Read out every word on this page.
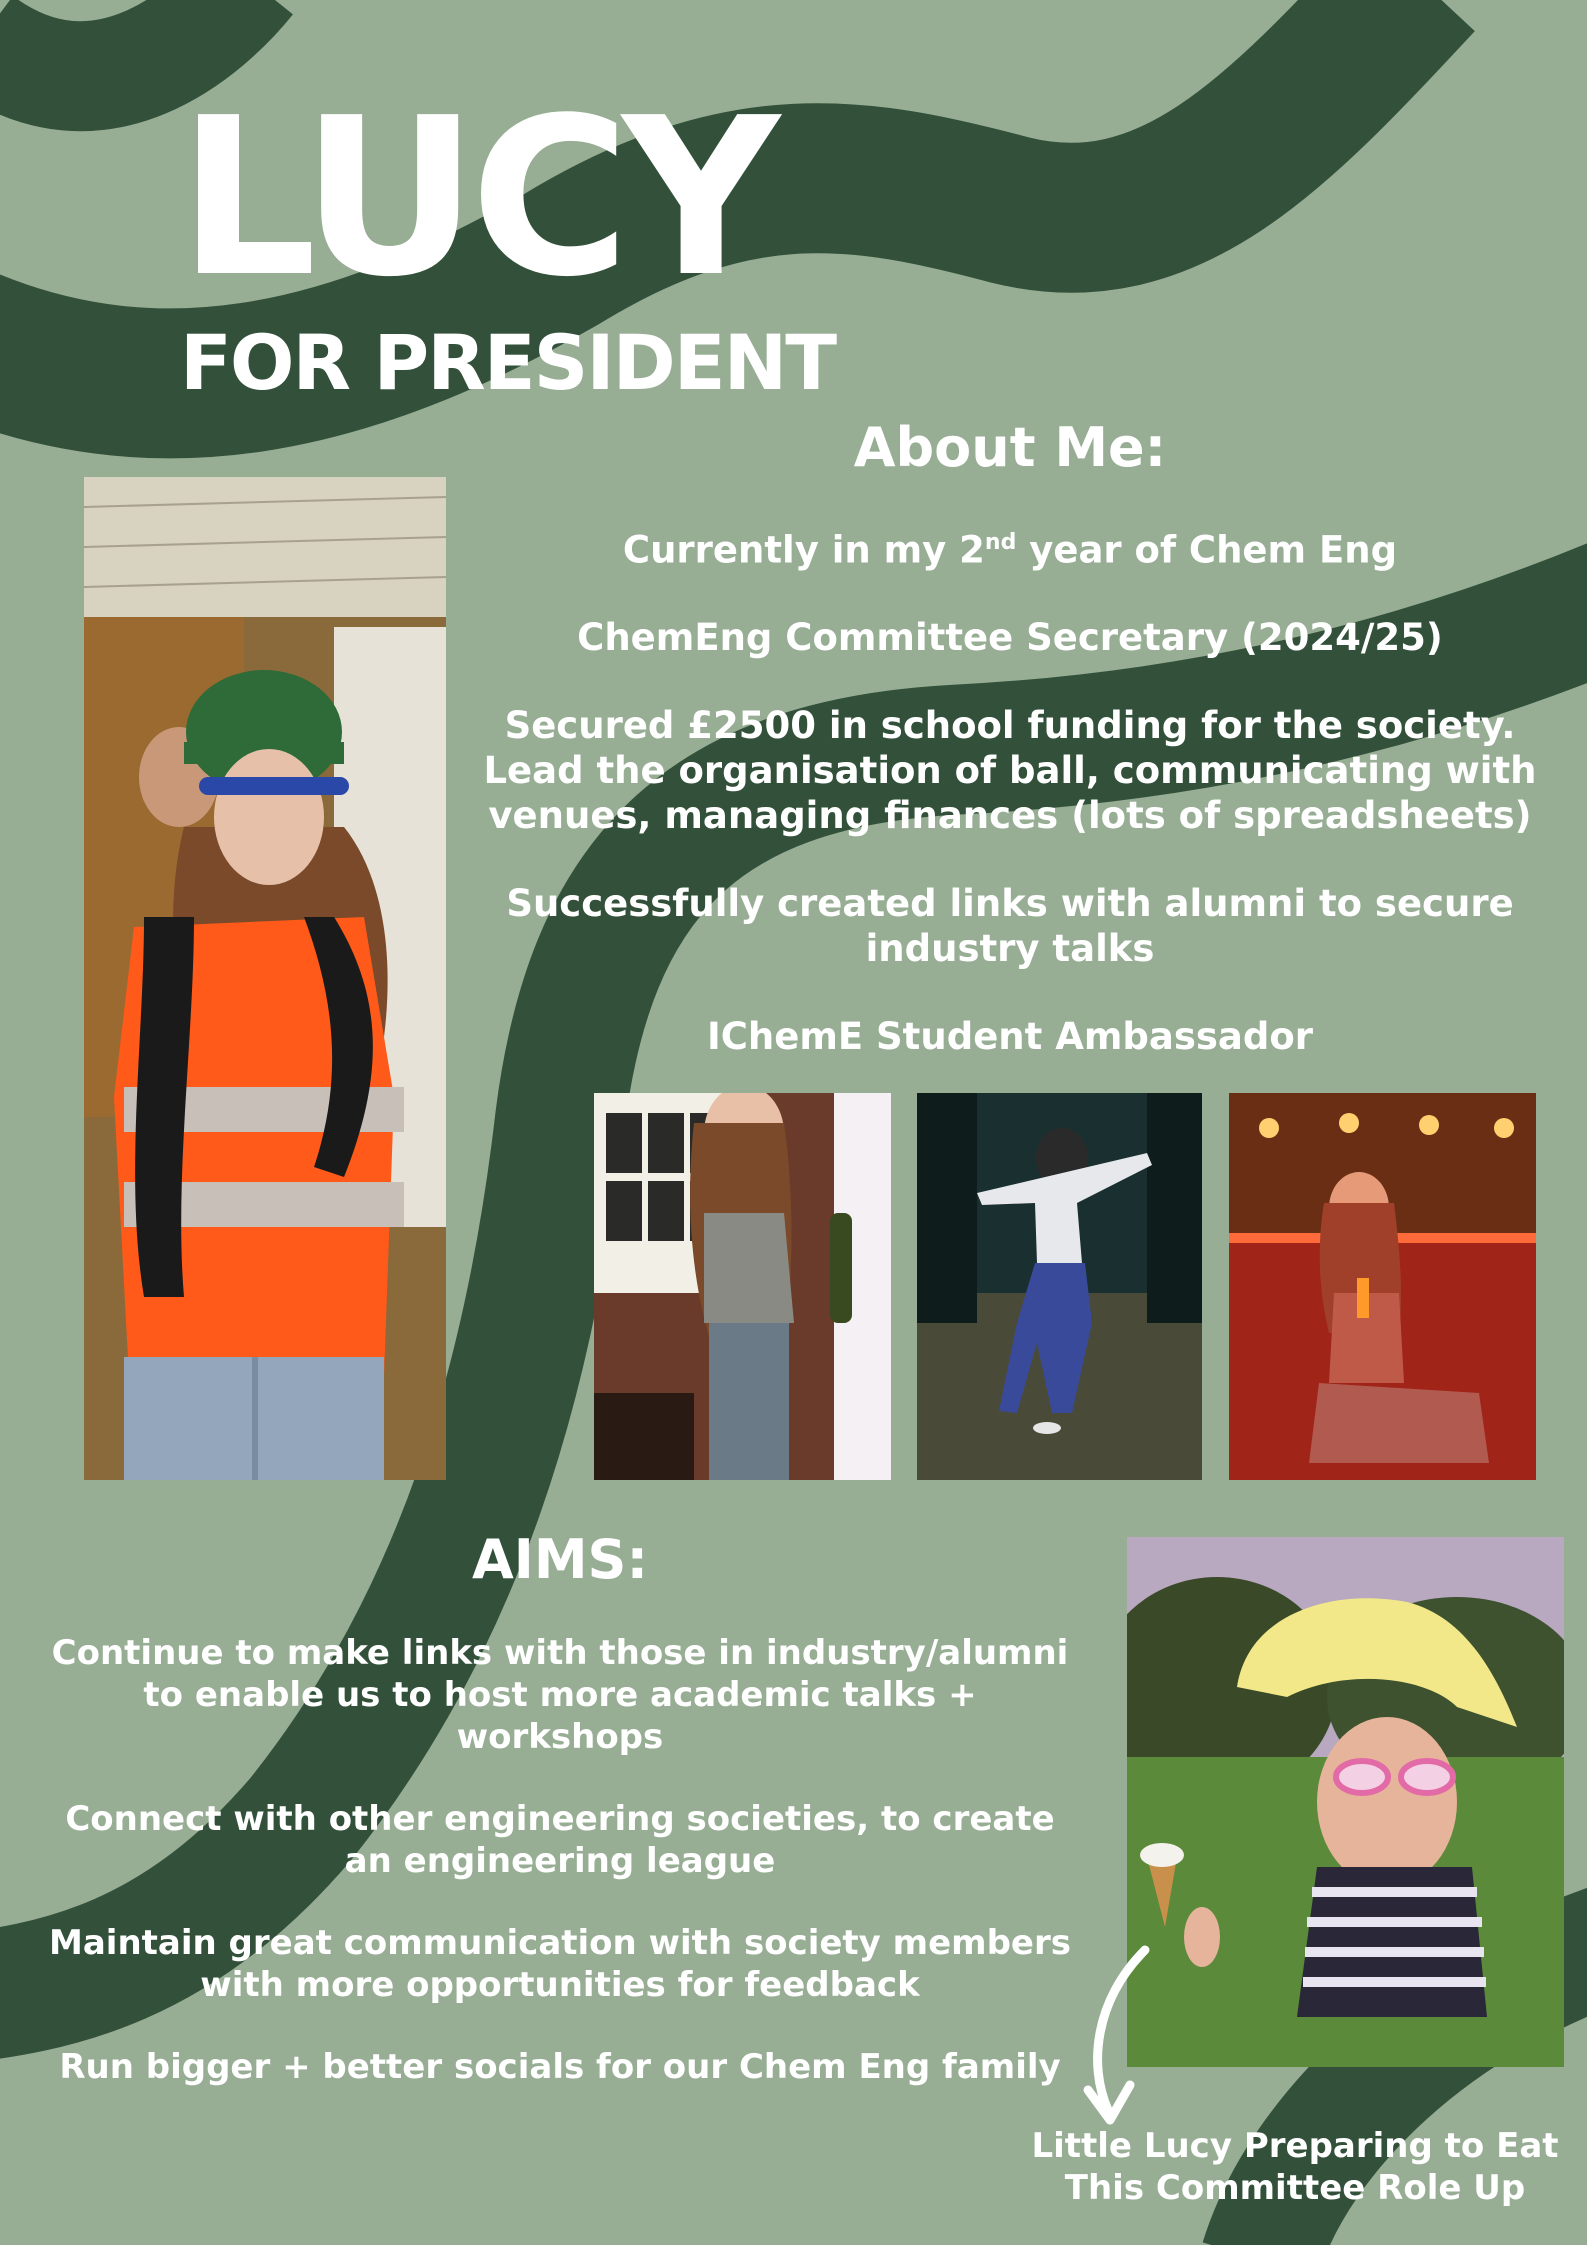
LUCY
FOR PRESIDENT
About Me:
Currently in my 2nd year of Chem Eng
ChemEng Committee Secretary (2024/25)
Secured £2500 in school funding for the society. Lead the organisation of ball, communicating with venues, managing finances (lots of spreadsheets)
Successfully created links with alumni to secure industry talks
IChemE Student Ambassador
AIMS:
Continue to make links with those in industry/alumni to enable us to host more academic talks + workshops
Connect with other engineering societies, to create an engineering league
Maintain great communication with society members with more opportunities for feedback
Run bigger + better socials for our Chem Eng family

Little Lucy Preparing to Eat This Committee Role Up
